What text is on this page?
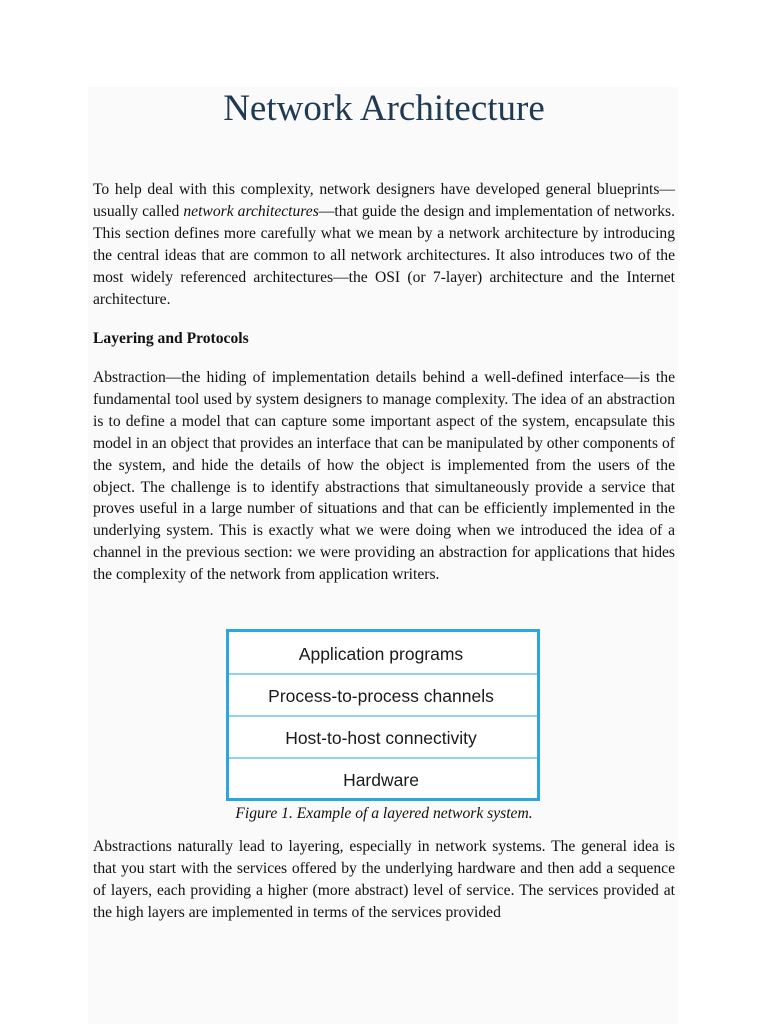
Network Architecture

To help deal with this complexity, network designers have developed general blueprints—usually called network architectures—that guide the design and implementation of networks. This section defines more carefully what we mean by a network architecture by introducing the central ideas that are common to all network architectures. It also introduces two of the most widely referenced architectures—the OSI (or 7-layer) architecture and the Internet architecture.

Layering and Protocols

Abstraction—the hiding of implementation details behind a well-defined interface—is the fundamental tool used by system designers to manage complexity. The idea of an abstraction is to define a model that can capture some important aspect of the system, encapsulate this model in an object that provides an interface that can be manipulated by other components of the system, and hide the details of how the object is implemented from the users of the object. The challenge is to identify abstractions that simultaneously provide a service that proves useful in a large number of situations and that can be efficiently implemented in the underlying system. This is exactly what we were doing when we introduced the idea of a channel in the previous section: we were providing an abstraction for applications that hides the complexity of the network from application writers.

Application programs
Process-to-process channels
Host-to-host connectivity
Hardware

Figure 1. Example of a layered network system.

Abstractions naturally lead to layering, especially in network systems. The general idea is that you start with the services offered by the underlying hardware and then add a sequence of layers, each providing a higher (more abstract) level of service. The services provided at the high layers are implemented in terms of the services provided
